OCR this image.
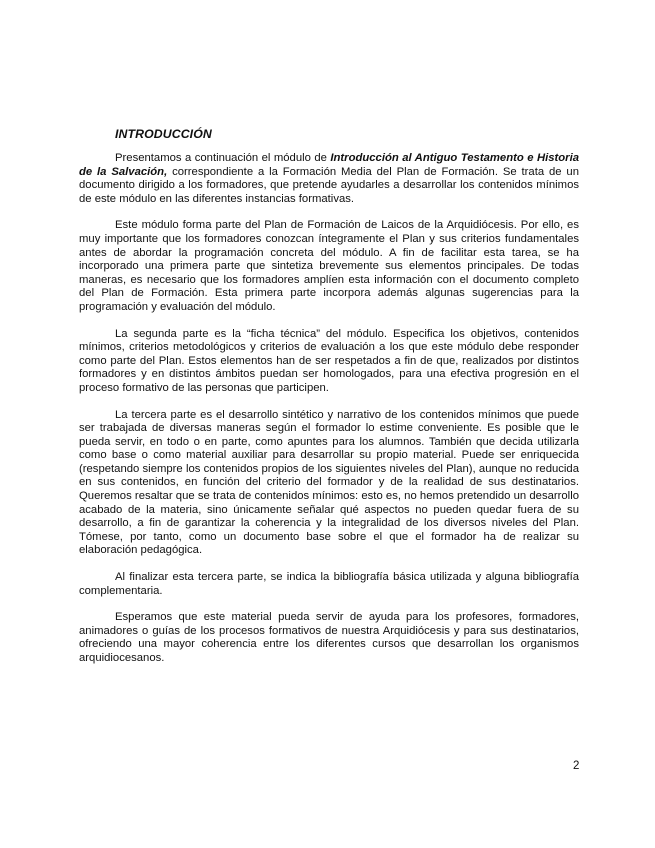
INTRODUCCIÓN

Presentamos a continuación el módulo de Introducción al Antiguo Testamento e Historia de la Salvación, correspondiente a la Formación Media del Plan de Formación. Se trata de un documento dirigido a los formadores, que pretende ayudarles a desarrollar los contenidos mínimos de este módulo en las diferentes instancias formativas.

Este módulo forma parte del Plan de Formación de Laicos de la Arquidiócesis. Por ello, es muy importante que los formadores conozcan íntegramente el Plan y sus criterios fundamentales antes de abordar la programación concreta del módulo. A fin de facilitar esta tarea, se ha incorporado una primera parte que sintetiza brevemente sus elementos principales. De todas maneras, es necesario que los formadores amplíen esta información con el documento completo del Plan de Formación. Esta primera parte incorpora además algunas sugerencias para la programación y evaluación del módulo.

La segunda parte es la “ficha técnica” del módulo. Especifica los objetivos, contenidos mínimos, criterios metodológicos y criterios de evaluación a los que este módulo debe responder como parte del Plan. Estos elementos han de ser respetados a fin de que, realizados por distintos formadores y en distintos ámbitos puedan ser homologados, para una efectiva progresión en el proceso formativo de las personas que participen.

La tercera parte es el desarrollo sintético y narrativo de los contenidos mínimos que puede ser trabajada de diversas maneras según el formador lo estime conveniente. Es posible que le pueda servir, en todo o en parte, como apuntes para los alumnos. También que decida utilizarla como base o como material auxiliar para desarrollar su propio material. Puede ser enriquecida (respetando siempre los contenidos propios de los siguientes niveles del Plan), aunque no reducida en sus contenidos, en función del criterio del formador y de la realidad de sus destinatarios. Queremos resaltar que se trata de contenidos mínimos: esto es, no hemos pretendido un desarrollo acabado de la materia, sino únicamente señalar qué aspectos no pueden quedar fuera de su desarrollo, a fin de garantizar la coherencia y la integralidad de los diversos niveles del Plan. Tómese, por tanto, como un documento base sobre el que el formador ha de realizar su elaboración pedagógica.

Al finalizar esta tercera parte, se indica la bibliografía básica utilizada y alguna bibliografía complementaria.

Esperamos que este material pueda servir de ayuda para los profesores, formadores, animadores o guías de los procesos formativos de nuestra Arquidiócesis y para sus destinatarios, ofreciendo una mayor coherencia entre los diferentes cursos que desarrollan los organismos arquidiocesanos.

2
